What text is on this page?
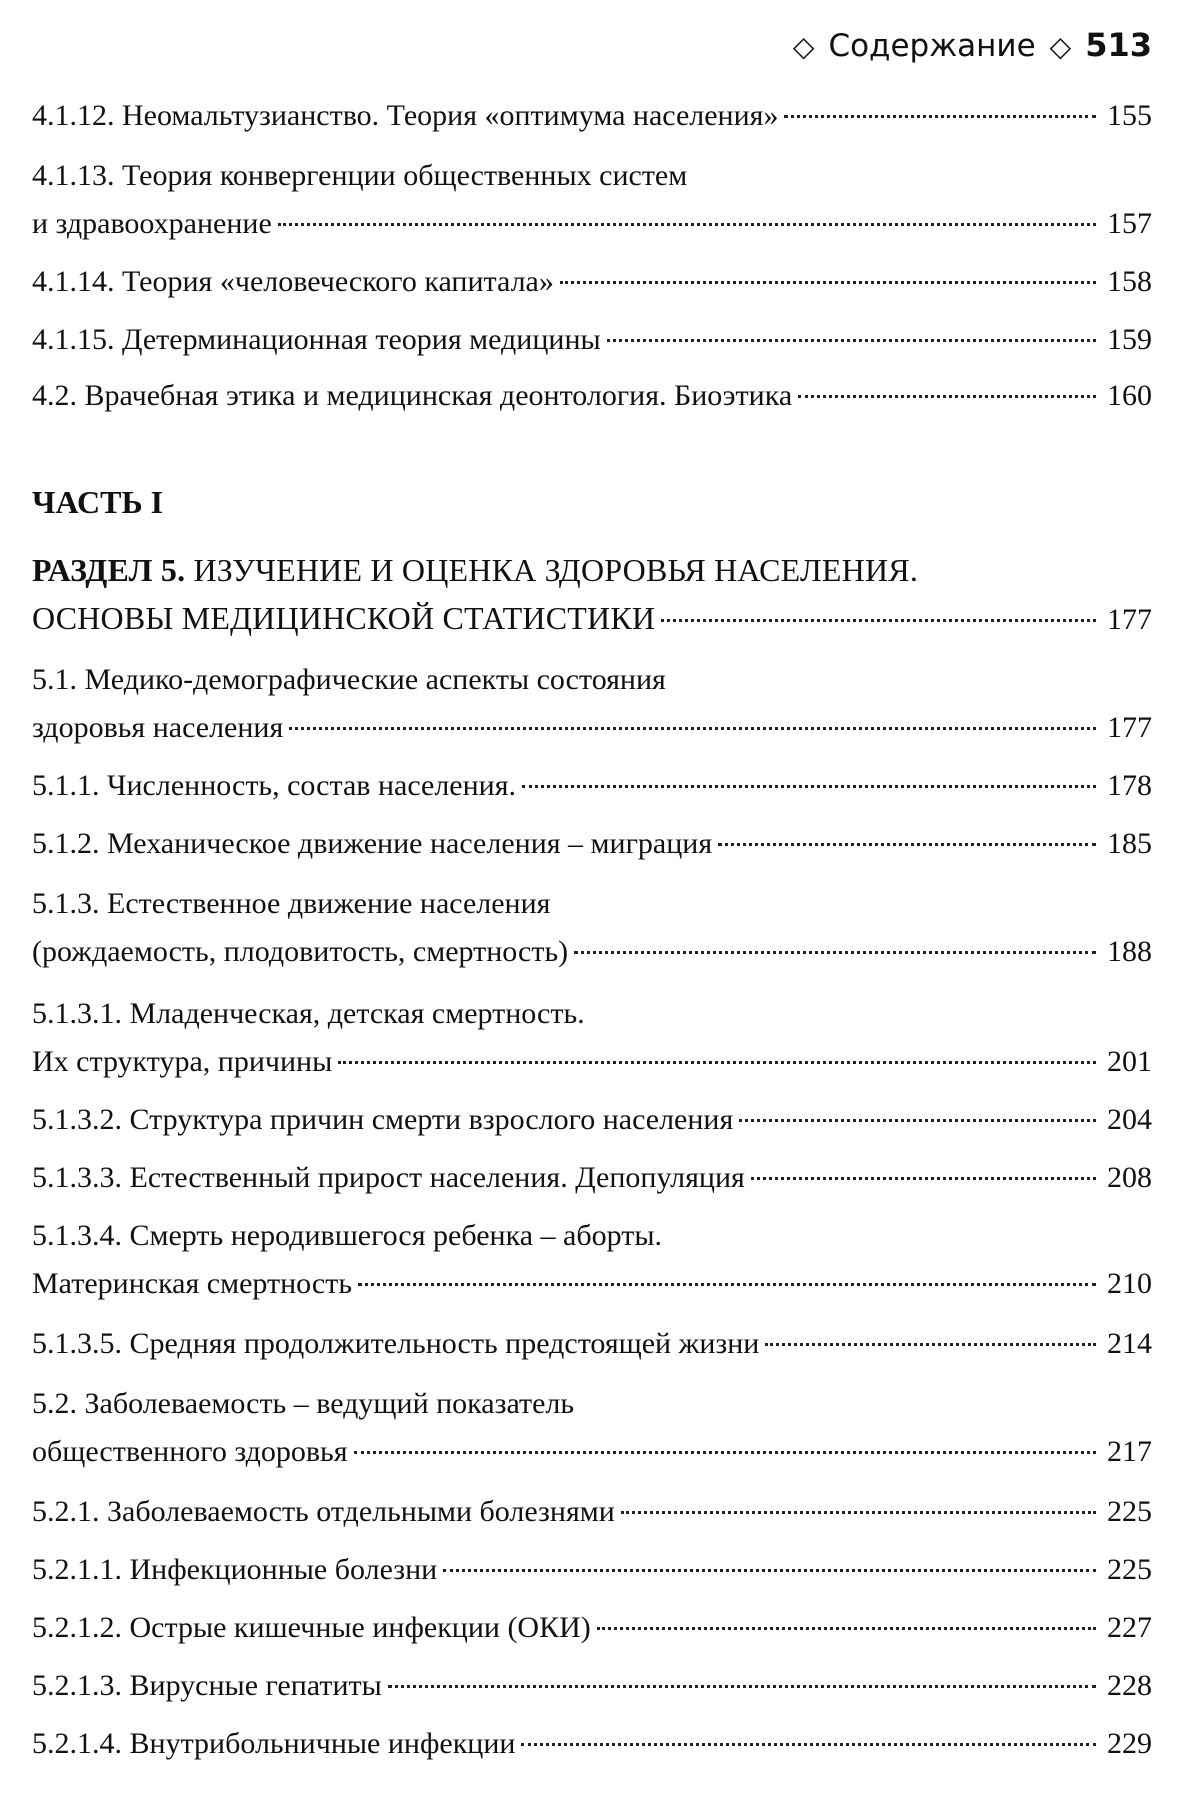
◇ Содержание ◇ 513
4.1.12. Неомальтузианство. Теория «оптимума населения»	155
4.1.13. Теория конвергенции общественных систем
и здравоохранение	157
4.1.14. Теория «человеческого капитала»	158
4.1.15. Детерминационная теория медицины	159
4.2. Врачебная этика и медицинская деонтология. Биоэтика	160
ЧАСТЬ I
РАЗДЕЛ 5. ИЗУЧЕНИЕ И ОЦЕНКА ЗДОРОВЬЯ НАСЕЛЕНИЯ.
ОСНОВЫ МЕДИЦИНСКОЙ СТАТИСТИКИ	177
5.1. Медико-демографические аспекты состояния
здоровья населения	177
5.1.1. Численность, состав населения.	178
5.1.2. Механическое движение населения – миграция	185
5.1.3. Естественное движение населения
(рождаемость, плодовитость, смертность)	188
5.1.3.1. Младенческая, детская смертность.
Их структура, причины	201
5.1.3.2. Структура причин смерти взрослого населения	204
5.1.3.3. Естественный прирост населения. Депопуляция	208
5.1.3.4. Смерть неродившегося ребенка – аборты.
Материнская смертность	210
5.1.3.5. Средняя продолжительность предстоящей жизни	214
5.2. Заболеваемость – ведущий показатель
общественного здоровья	217
5.2.1. Заболеваемость отдельными болезнями	225
5.2.1.1. Инфекционные болезни	225
5.2.1.2. Острые кишечные инфекции (ОКИ)	227
5.2.1.3. Вирусные гепатиты	228
5.2.1.4. Внутрибольничные инфекции	229
